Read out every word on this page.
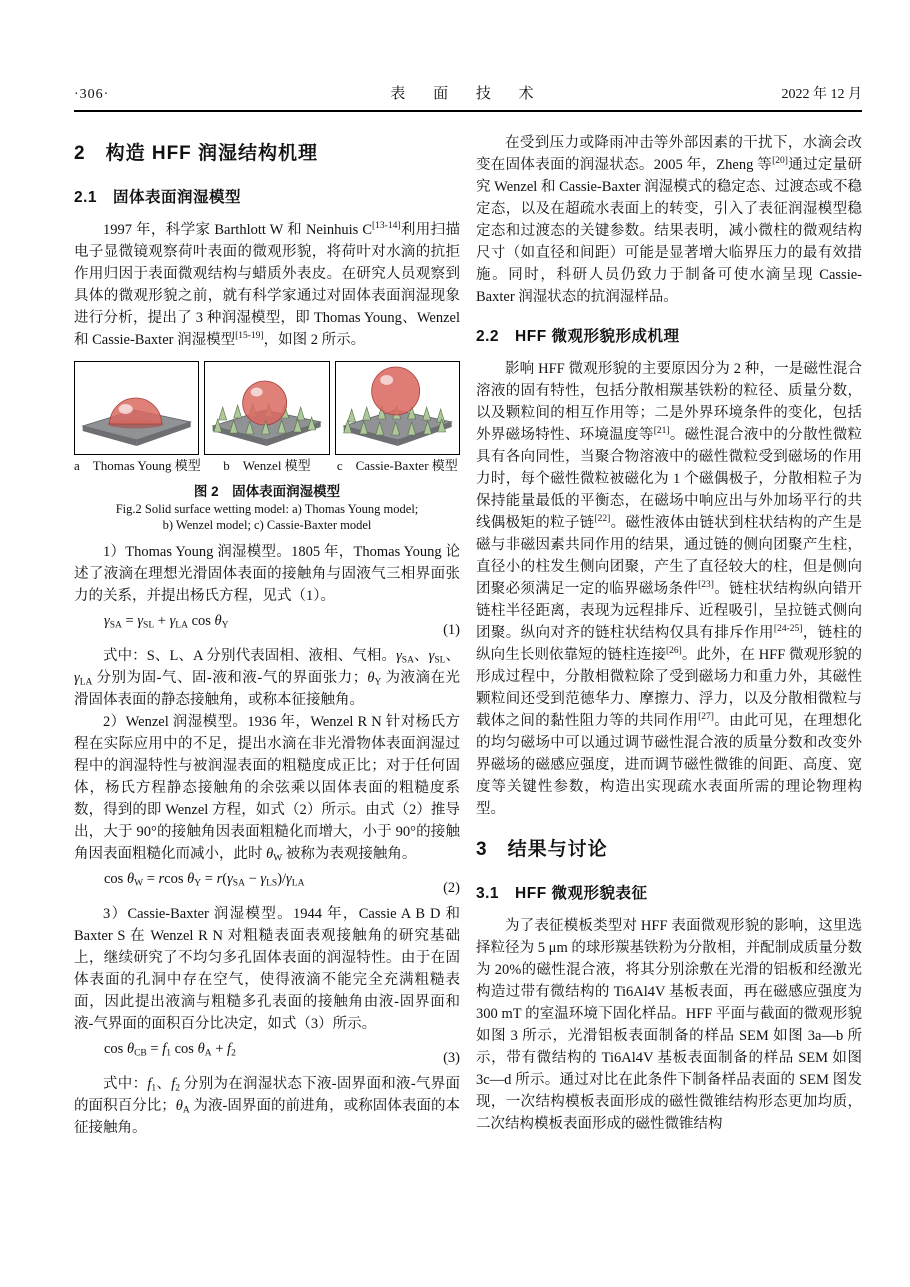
·306·	表 面 技 术	2022 年 12 月
2　构造 HFF 润湿结构机理
2.1　固体表面润湿模型

1997 年，科学家 Barthlott W 和 Neinhuis C[13-14]利用扫描电子显微镜观察荷叶表面的微观形貌，将荷叶对水滴的抗拒作用归因于表面微观结构与蜡质外表皮。在研究人员观察到具体的微观形貌之前，就有科学家通过对固体表面润湿现象进行分析，提出了 3 种润湿模型，即 Thomas Young、Wenzel 和 Cassie-Baxter 润湿模型[15-19]，如图 2 所示。

a　Thomas Young 模型	b　Wenzel 模型	c　Cassie-Baxter 模型
图 2　固体表面润湿模型
Fig.2 Solid surface wetting model: a) Thomas Young model;
b) Wenzel model; c) Cassie-Baxter model

1）Thomas Young 润湿模型。1805 年，Thomas Young 论述了液滴在理想光滑固体表面的接触角与固液气三相界面张力的关系，并提出杨氏方程，见式（1）。

$\gamma_{SA} = \gamma_{SL} + \gamma_{LA}$ $\cos \theta_Y$	(1)

式中：S、L、A 分别代表固相、液相、气相。$\gamma_{SA}$、$\gamma_{SL}$、$\gamma_{LA}$ 分别为固-气、固-液和液-气的界面张力；$\theta_Y$ 为液滴在光滑固体表面的静态接触角，或称本征接触角。

2）Wenzel 润湿模型。1936 年，Wenzel R N 针对杨氏方程在实际应用中的不足，提出水滴在非光滑物体表面润湿过程中的润湿特性与被润湿表面的粗糙度成正比；对于任何固体，杨氏方程静态接触角的余弦乘以固体表面的粗糙度系数，得到的即 Wenzel 方程，如式（2）所示。由式（2）推导出，大于 90°的接触角因表面粗糙化而增大，小于 90°的接触角因表面粗糙化而减小，此时 $\theta_W$ 被称为表观接触角。

$\cos \theta_W = rcos$ $\theta_Y = r(\gamma_{SA} - \gamma_{LS})/\gamma_{LA}$	(2)

3）Cassie-Baxter 润湿模型。1944 年，Cassie A B D 和 Baxter S 在 Wenzel R N 对粗糙表面表观接触角的研究基础上，继续研究了不均匀多孔固体表面的润湿特性。由于在固体表面的孔洞中存在空气，使得液滴不能完全充满粗糙表面，因此提出液滴与粗糙多孔表面的接触角由液-固界面和液-气界面的面积百分比决定，如式（3）所示。

$\cos \theta_{CB} = f_1$ $\cos \theta_A + f_2$	(3)

式中：$f_1$、$f_2$ 分别为在润湿状态下液-固界面和液-气界面的面积百分比；$\theta_A$ 为液-固界面的前进角，或称固体表面的本征接触角。

在受到压力或降雨冲击等外部因素的干扰下，水滴会改变在固体表面的润湿状态。2005 年，Zheng 等[20]通过定量研究 Wenzel 和 Cassie-Baxter 润湿模式的稳定态、过渡态或不稳定态，以及在超疏水表面上的转变，引入了表征润湿模型稳定态和过渡态的关键参数。结果表明，减小微柱的微观结构尺寸（如直径和间距）可能是显著增大临界压力的最有效措施。同时，科研人员仍致力于制备可使水滴呈现 Cassie-Baxter 润湿状态的抗润湿样品。

2.2　HFF 微观形貌形成机理

影响 HFF 微观形貌的主要原因分为 2 种，一是磁性混合溶液的固有特性，包括分散相羰基铁粉的粒径、质量分数，以及颗粒间的相互作用等；二是外界环境条件的变化，包括外界磁场特性、环境温度等[21]。磁性混合液中的分散性微粒具有各向同性，当聚合物溶液中的磁性微粒受到磁场的作用力时，每个磁性微粒被磁化为 1 个磁偶极子，分散相粒子为保持能量最低的平衡态，在磁场中响应出与外加场平行的共线偶极矩的粒子链[22]。磁性液体由链状到柱状结构的产生是磁与非磁因素共同作用的结果，通过链的侧向团聚产生柱，直径小的柱发生侧向团聚，产生了直径较大的柱，但是侧向团聚必须满足一定的临界磁场条件[23]。链柱状结构纵向错开链柱半径距离，表现为远程排斥、近程吸引，呈拉链式侧向团聚。纵向对齐的链柱状结构仅具有排斥作用[24-25]，链柱的纵向生长则依靠短的链柱连接[26]。此外，在 HFF 微观形貌的形成过程中，分散相微粒除了受到磁场力和重力外，其磁性颗粒间还受到范德华力、摩擦力、浮力，以及分散相微粒与载体之间的黏性阻力等的共同作用[27]。由此可见，在理想化的均匀磁场中可以通过调节磁性混合液的质量分数和改变外界磁场的磁感应强度，进而调节磁性微锥的间距、高度、宽度等关键性参数，构造出实现疏水表面所需的理论物理构型。

3　结果与讨论
3.1　HFF 微观形貌表征

为了表征模板类型对 HFF 表面微观形貌的影响，这里选择粒径为 5 μm 的球形羰基铁粉为分散相，并配制成质量分数为 20%的磁性混合液，将其分别涂敷在光滑的铝板和经激光构造过带有微结构的 Ti6Al4V 基板表面，再在磁感应强度为 300 mT 的室温环境下固化样品。HFF 平面与截面的微观形貌如图 3 所示，光滑铝板表面制备的样品 SEM 如图 3a—b 所示，带有微结构的 Ti6Al4V 基板表面制备的样品 SEM 如图 3c—d 所示。通过对比在此条件下制备样品表面的 SEM 图发现，一次结构模板表面形成的磁性微锥结构形态更加均质，二次结构模板表面形成的磁性微锥结构
